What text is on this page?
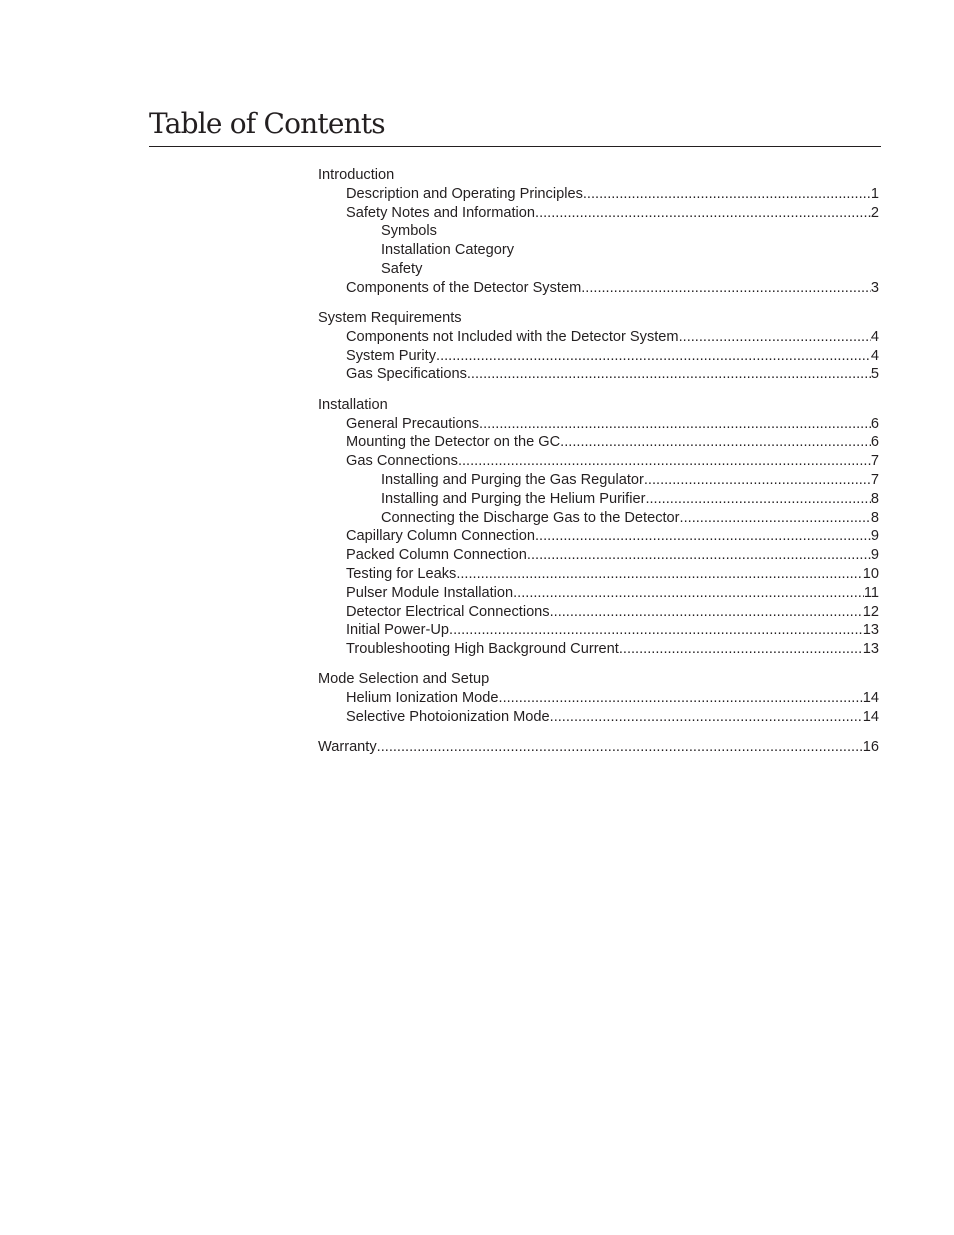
Table of Contents
Introduction
Description and Operating Principles .....	1
Safety Notes and Information .....	2
Symbols
Installation Category
Safety
Components of the Detector System .....	3
System Requirements
Components not Included with the Detector System .....	4
System Purity .....	4
Gas Specifications .....	5
Installation
General Precautions .....	6
Mounting the Detector on the GC .....	6
Gas Connections .....	7
Installing and Purging the Gas Regulator .....	7
Installing and Purging the Helium Purifier .....	8
Connecting the Discharge Gas to the Detector .....	8
Capillary Column Connection .....	9
Packed Column Connection .....	9
Testing for Leaks .....	10
Pulser Module Installation .....	11
Detector Electrical Connections .....	12
Initial Power-Up .....	13
Troubleshooting High Background Current .....	13
Mode Selection and Setup
Helium Ionization Mode .....	14
Selective Photoionization Mode .....	14
Warranty .....	16
